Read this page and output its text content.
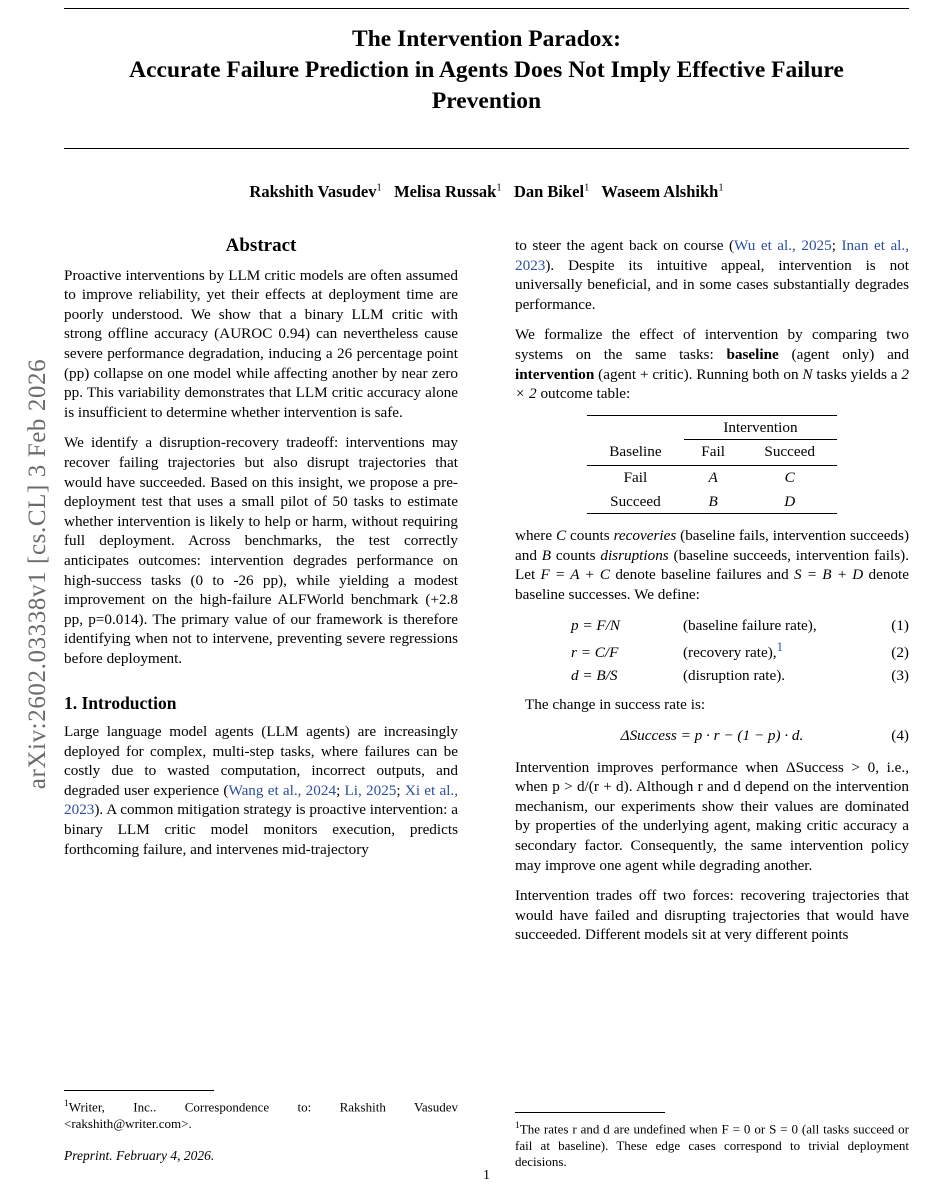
arXiv:2602.03338v1 [cs.CL] 3 Feb 2026
The Intervention Paradox:
Accurate Failure Prediction in Agents Does Not Imply Effective Failure
Prevention
Rakshith Vasudev$^1$ Melisa Russak$^1$ Dan Bikel$^1$ Waseem Alshikh$^1$
Abstract

Proactive interventions by LLM critic models are often assumed to improve reliability, yet their effects at deployment time are poorly understood. We show that a binary LLM critic with strong offline accuracy (AUROC 0.94) can nevertheless cause severe performance degradation, inducing a 26 percentage point (pp) collapse on one model while affecting another by near zero pp. This variability demonstrates that LLM critic accuracy alone is insufficient to determine whether intervention is safe.

We identify a disruption-recovery tradeoff: interventions may recover failing trajectories but also disrupt trajectories that would have succeeded. Based on this insight, we propose a pre-deployment test that uses a small pilot of 50 tasks to estimate whether intervention is likely to help or harm, without requiring full deployment. Across benchmarks, the test correctly anticipates outcomes: intervention degrades performance on high-success tasks (0 to -26 pp), while yielding a modest improvement on the high-failure ALFWorld benchmark (+2.8 pp, p=0.014). The primary value of our framework is therefore identifying when not to intervene, preventing severe regressions before deployment.

1. Introduction

Large language model agents (LLM agents) are increasingly deployed for complex, multi-step tasks, where failures can be costly due to wasted computation, incorrect outputs, and degraded user experience (Wang et al., 2024; Li, 2025; Xi et al., 2023). A common mitigation strategy is proactive intervention: a binary LLM critic model monitors execution, predicts forthcoming failure, and intervenes mid-trajectory

$^1$Writer, Inc.. Correspondence to: Rakshith Vasudev <rakshith@writer.com>.
Preprint. February 4, 2026.

to steer the agent back on course (Wu et al., 2025; Inan et al., 2023). Despite its intuitive appeal, intervention is not universally beneficial, and in some cases substantially degrades performance.

We formalize the effect of intervention by comparing two systems on the same tasks: baseline (agent only) and intervention (agent + critic). Running both on N tasks yields a 2 × 2 outcome table:

	Intervention	
Baseline	Fail	Succeed
Fail	A	C
Succeed	B	D

where C counts recoveries (baseline fails, intervention succeeds) and B counts disruptions (baseline succeeds, intervention fails). Let F = A + C denote baseline failures and S = B + D denote baseline successes. We define:

p = F/N	(baseline failure rate),	(1)
r = C/F	(recovery rate),$^1$	(2)
d = B/S	(disruption rate).	(3)

The change in success rate is:

ΔSuccess = p · r − (1 − p) · d.	(4)

Intervention improves performance when ΔSuccess > 0, i.e., when p > d/(r + d). Although r and d depend on the intervention mechanism, our experiments show their values are dominated by properties of the underlying agent, making critic accuracy a secondary factor. Consequently, the same intervention policy may improve one agent while degrading another.

Intervention trades off two forces: recovering trajectories that would have failed and disrupting trajectories that would have succeeded. Different models sit at very different points

$^1$The rates r and d are undefined when F = 0 or S = 0 (all tasks succeed or fail at baseline). These edge cases correspond to trivial deployment decisions.
1
